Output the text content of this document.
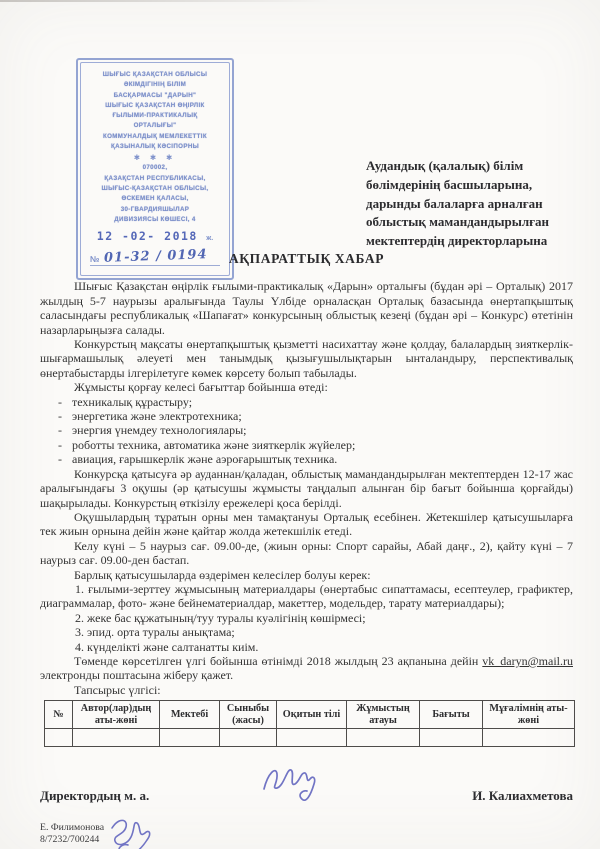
ШЫҒЫС ҚАЗАҚСТАН ОБЛЫСЫ
ӘКІМДІГІНІҢ БІЛІМ
БАСҚАРМАСЫ "ДАРЫН"
ШЫҒЫС ҚАЗАҚСТАН ӨҢІРЛІК
ҒЫЛЫМИ-ПРАКТИКАЛЫҚ
ОРТАЛЫҒЫ"
КОММУНАЛДЫҚ МЕМЛЕКЕТТІК
ҚАЗЫНАЛЫҚ КӘСІПОРНЫ
✱ ✱ ✱
070002,
ҚАЗАҚСТАН РЕСПУБЛИКАСЫ,
ШЫҒЫС-ҚАЗАҚСТАН ОБЛЫСЫ,
ӨСКЕМЕН ҚАЛАСЫ,
30-ГВАРДИЯШЫЛАР
ДИВИЗИЯСЫ КӨШЕСІ, 4
12 -02- 2018 ж.
№ 01-32 / 0194
Аудандық (қалалық) білім
бөлімдерінің басшыларына,
дарынды балаларға арналған
облыстық мамандандырылған
мектептердің директорларына
АҚПАРАТТЫҚ ХАБАР

Шығыс Қазақстан өңірлік ғылыми-практикалық «Дарын» орталығы (бұдан әрі – Орталық) 2017 жылдың 5-7 наурызы аралығында Таулы Үлбіде орналасқан Орталық базасында өнертапқыштық саласындағы республикалық «Шапағат» конкурсының облыстық кезеңі (бұдан әрі – Конкурс) өтетінін назарларыңызға салады.

Конкурстың мақсаты өнертапқыштық қызметті насихаттау және қолдау, балалардың зияткерлік-шығармашылық әлеуеті мен танымдық қызығушылықтарын ынталандыру, перспективалық өнертабыстарды ілгерілетуге көмек көрсету болып табылады.

Жұмысты қорғау келесі бағыттар бойынша өтеді:

- техникалық құрастыру;
- энергетика және электротехника;
- энергия үнемдеу технологиялары;
- роботты техника, автоматика және зияткерлік жүйелер;
- авиация, ғарышкерлік және аэроғарыштық техника.

Конкурсқа қатысуға әр ауданнан/қаладан, облыстық мамандандырылған мектептерден 12-17 жас аралығындағы 3 оқушы (әр қатысушы жұмысты таңдалып алынған бір бағыт бойынша қорғайды) шақырылады. Конкурстың өткізілу ережелері қоса берілді.

Оқушылардың тұратын орны мен тамақтануы Орталық есебінен. Жетекшілер қатысушыларға тек жиын орнына дейін және қайтар жолда жетекшілік етеді.

Келу күні – 5 наурыз сағ. 09.00-де, (жиын орны: Спорт сарайы, Абай даңғ., 2), қайту күні – 7 наурыз сағ. 09.00-ден бастап.

Барлық қатысушыларда өздерімен келесілер болуы керек:

ғылыми-зерттеу жұмысының материалдары (өнертабыс сипаттамасы, есептеулер, графиктер, диаграммалар, фото- және бейнематериалдар, макеттер, модельдер, тарату материалдары);

жеке бас құжатының/туу туралы куәлігінің көшірмесі;

эпид. орта туралы анықтама;

күнделікті және салтанатты киім.

Төменде көрсетілген үлгі бойынша өтінімді 2018 жылдың 23 ақпанына дейін vk_daryn@mail.ru электронды поштасына жіберу қажет.

Тапсырыс үлгісі:

№	Автор(лар)дың аты-жөні	Мектебі	Сыныбы (жасы)	Оқитын тілі	Жұмыстың атауы	Бағыты	Мұғалімнің аты-жөні

Директордың м. а.	И. Калиахметова
Е. Филимонова
8/7232/700244
